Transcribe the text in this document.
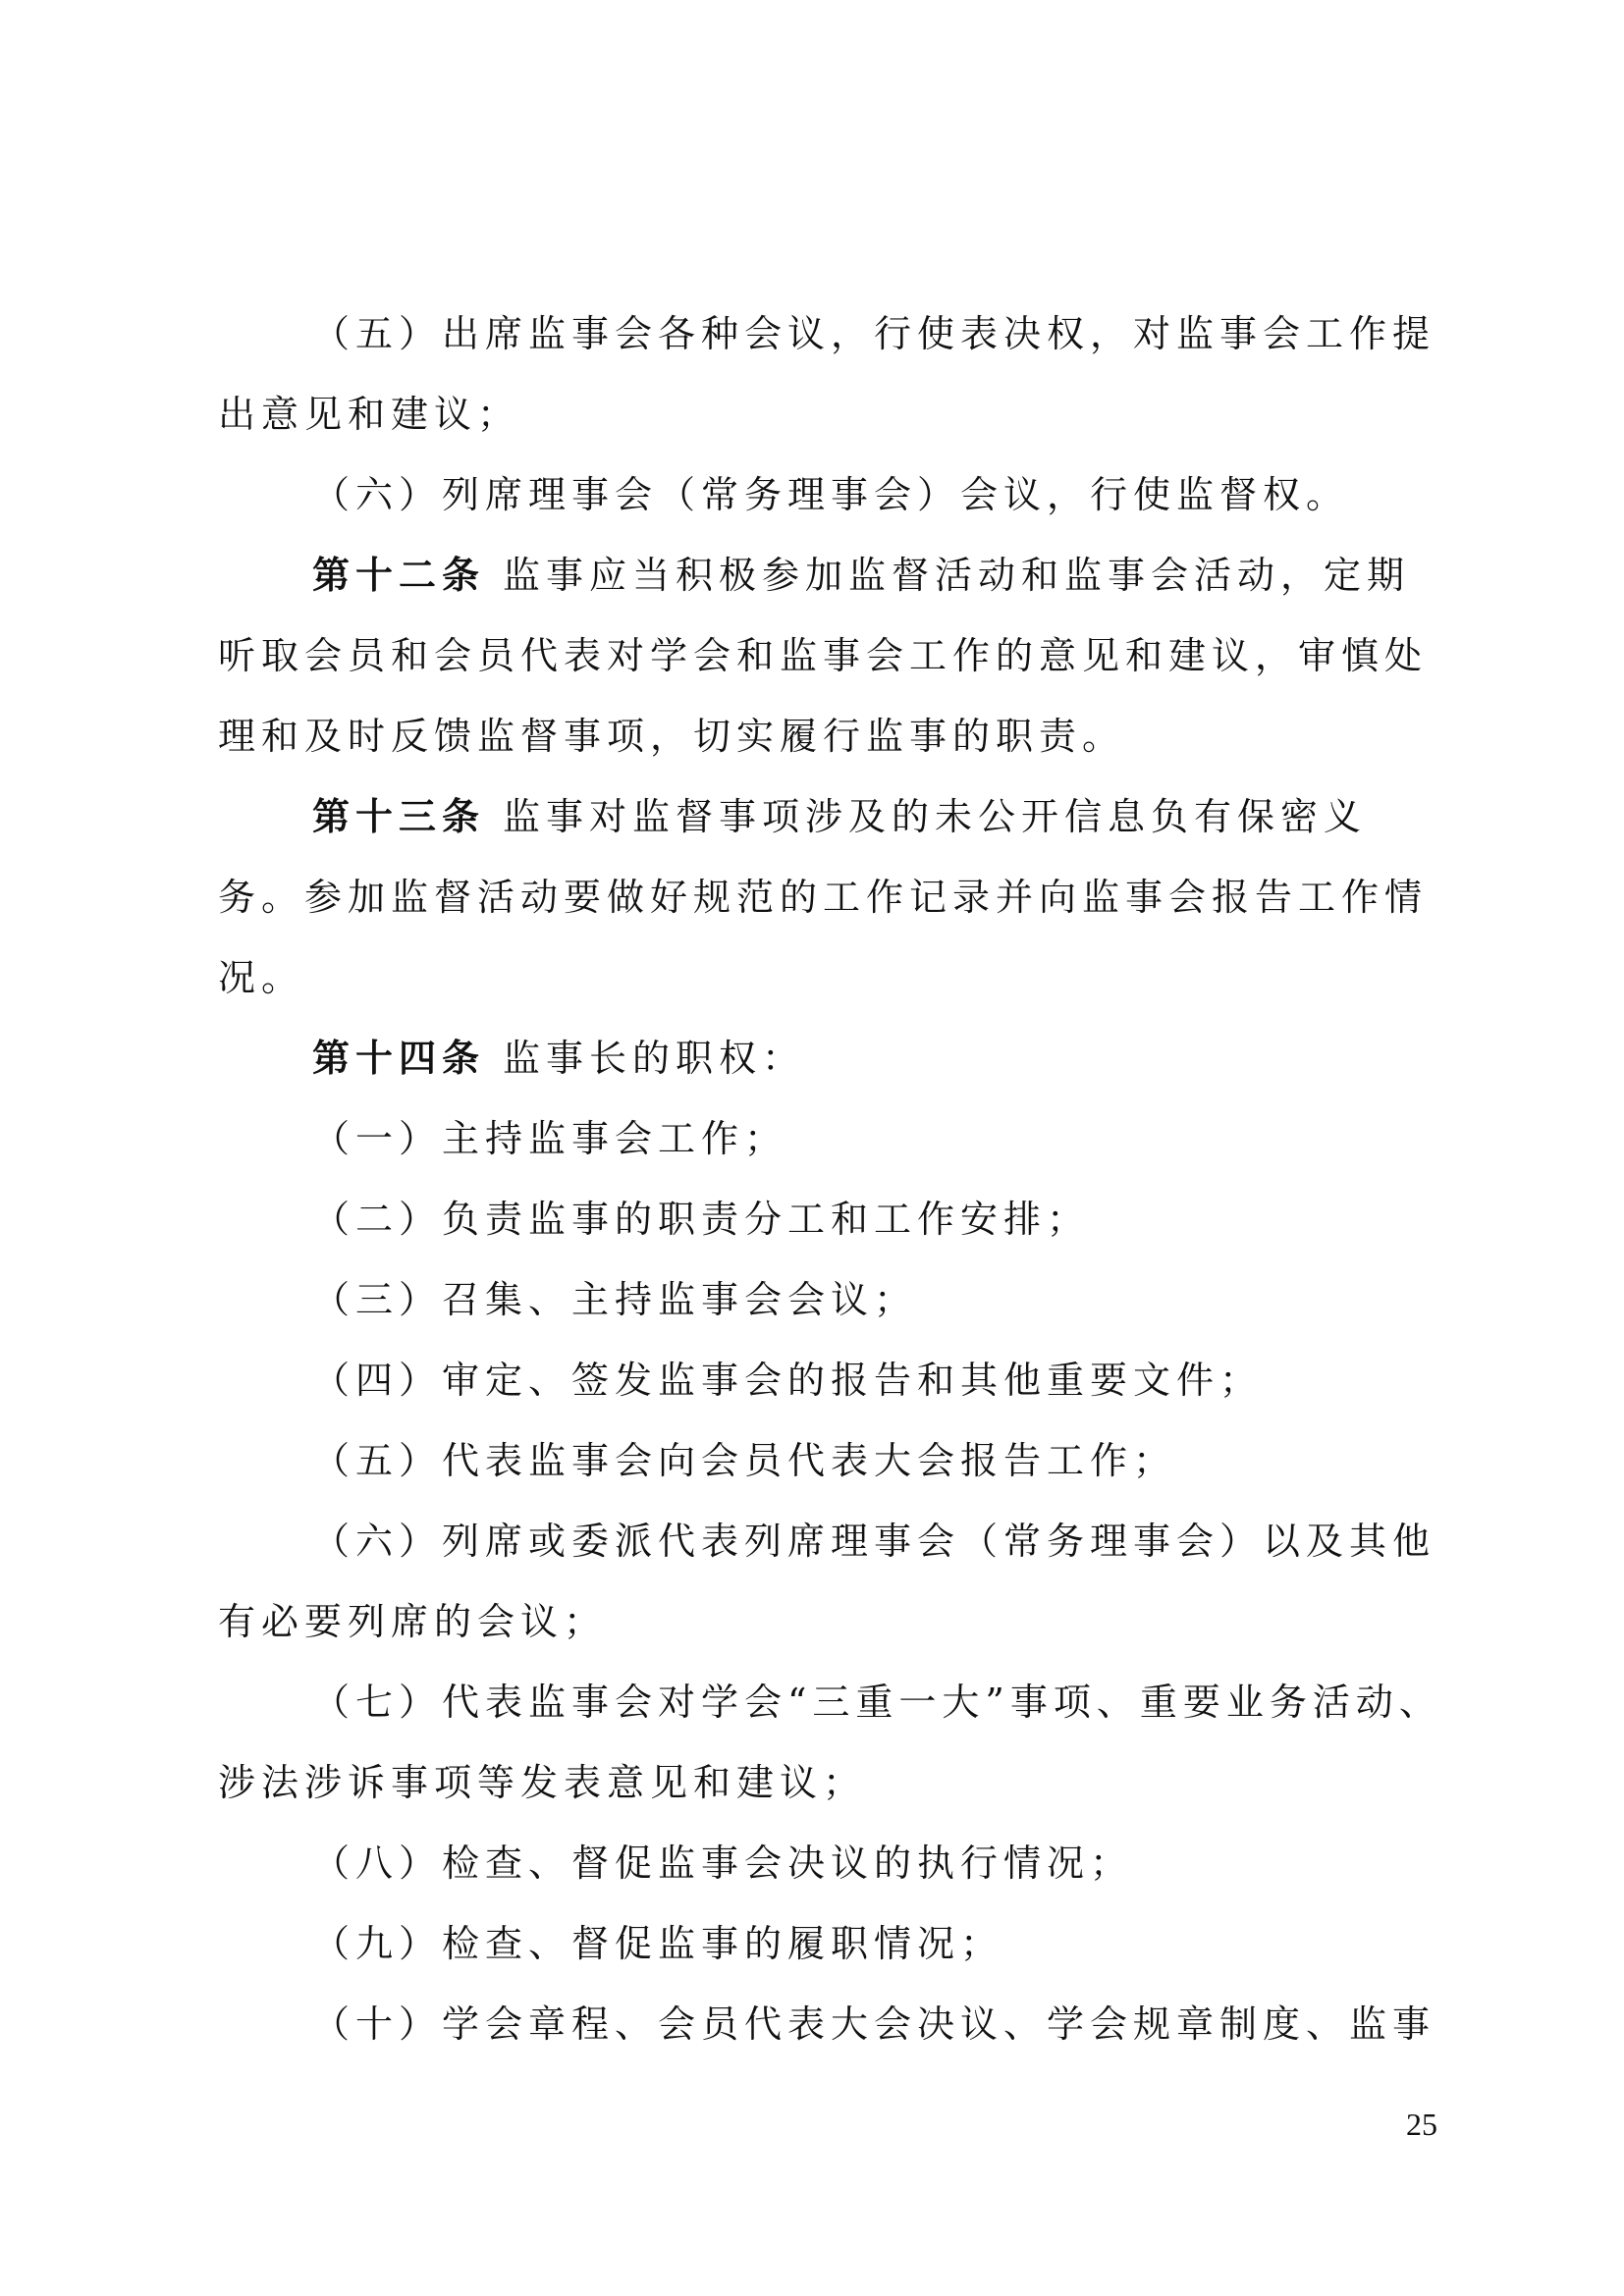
（五）出席监事会各种会议，行使表决权，对监事会工作提
出意见和建议；
（六）列席理事会（常务理事会）会议，行使监督权。
第十二条 监事应当积极参加监督活动和监事会活动，定期
听取会员和会员代表对学会和监事会工作的意见和建议，审慎处
理和及时反馈监督事项，切实履行监事的职责。
第十三条 监事对监督事项涉及的未公开信息负有保密义
务。参加监督活动要做好规范的工作记录并向监事会报告工作情
况。
第十四条 监事长的职权：
（一）主持监事会工作；
（二）负责监事的职责分工和工作安排；
（三）召集、主持监事会会议；
（四）审定、签发监事会的报告和其他重要文件；
（五）代表监事会向会员代表大会报告工作；
（六）列席或委派代表列席理事会（常务理事会）以及其他
有必要列席的会议；
（七）代表监事会对学会“三重一大”事项、重要业务活动、
涉法涉诉事项等发表意见和建议；
（八）检查、督促监事会决议的执行情况；
（九）检查、督促监事的履职情况；
（十）学会章程、会员代表大会决议、学会规章制度、监事
25
